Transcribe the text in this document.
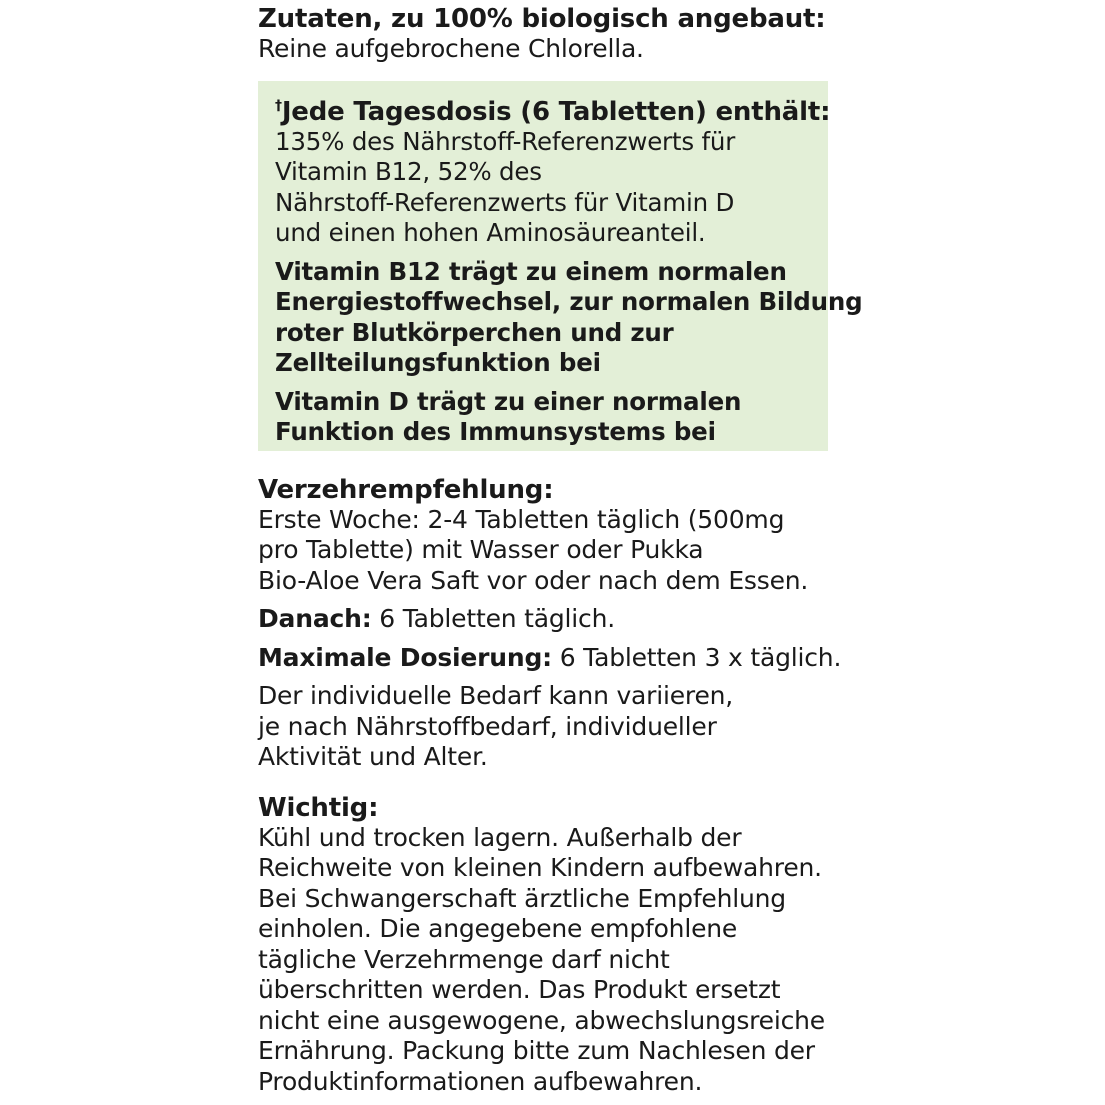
Zutaten, zu 100% biologisch angebaut:
Reine aufgebrochene Chlorella.
†Jede Tagesdosis (6 Tabletten) enthält:
135% des Nährstoff-Referenzwerts für
Vitamin B12, 52% des
Nährstoff-Referenzwerts für Vitamin D
und einen hohen Aminosäureanteil.
Vitamin B12 trägt zu einem normalen
Energiestoffwechsel, zur normalen Bildung
roter Blutkörperchen und zur
Zellteilungsfunktion bei
Vitamin D trägt zu einer normalen
Funktion des Immunsystems bei
Verzehrempfehlung:
Erste Woche: 2-4 Tabletten täglich (500mg
pro Tablette) mit Wasser oder Pukka
Bio-Aloe Vera Saft vor oder nach dem Essen.
Danach: 6 Tabletten täglich.
Maximale Dosierung: 6 Tabletten 3 x täglich.
Der individuelle Bedarf kann variieren,
je nach Nährstoffbedarf, individueller
Aktivität und Alter.
Wichtig:
Kühl und trocken lagern. Außerhalb der
Reichweite von kleinen Kindern aufbewahren.
Bei Schwangerschaft ärztliche Empfehlung
einholen. Die angegebene empfohlene
tägliche Verzehrmenge darf nicht
überschritten werden. Das Produkt ersetzt
nicht eine ausgewogene, abwechslungsreiche
Ernährung. Packung bitte zum Nachlesen der
Produktinformationen aufbewahren.
